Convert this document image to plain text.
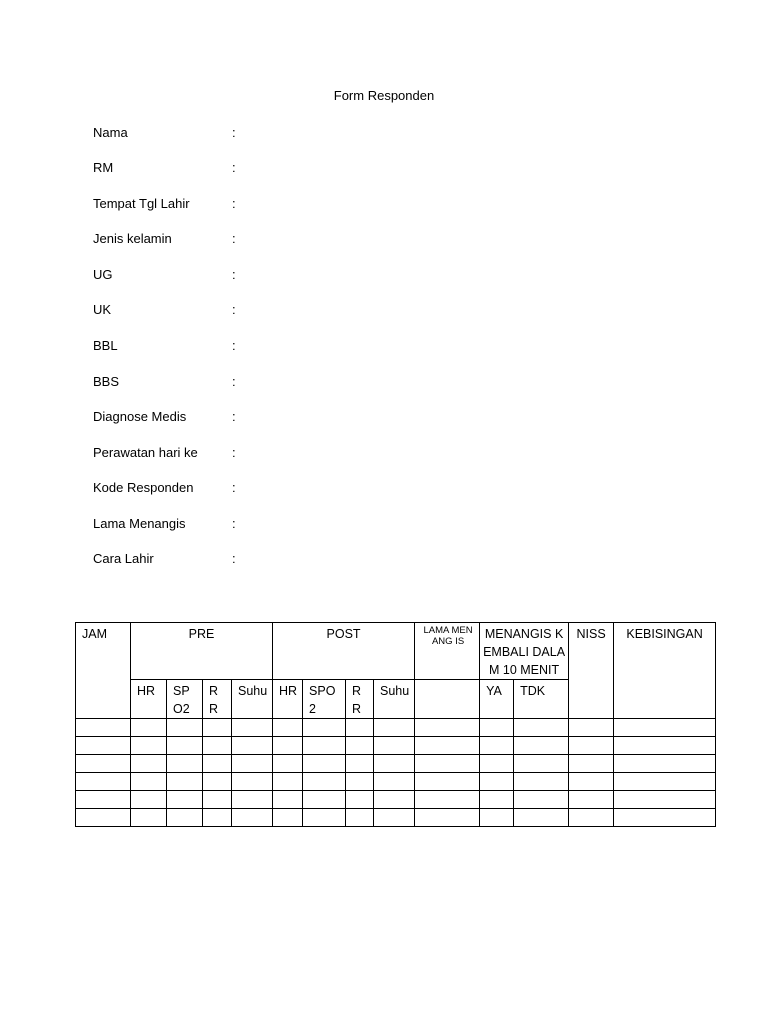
Form Responden
Nama	:
RM	:
Tempat Tgl Lahir	:
Jenis kelamin	:
UG	:
UK	:
BBL	:
BBS	:
Diagnose Medis	:
Perawatan hari ke	:
Kode Responden	:
Lama Menangis	:
Cara Lahir	:
JAM	PRE				POST				LAMA MENANG IS	MENANGIS KEMBALI DALAM 10 MENIT		NISS	KEBISINGAN
	HR	SPO2	RR	Suhu	HR	SPO2	RR	Suhu		YA	TDK		
